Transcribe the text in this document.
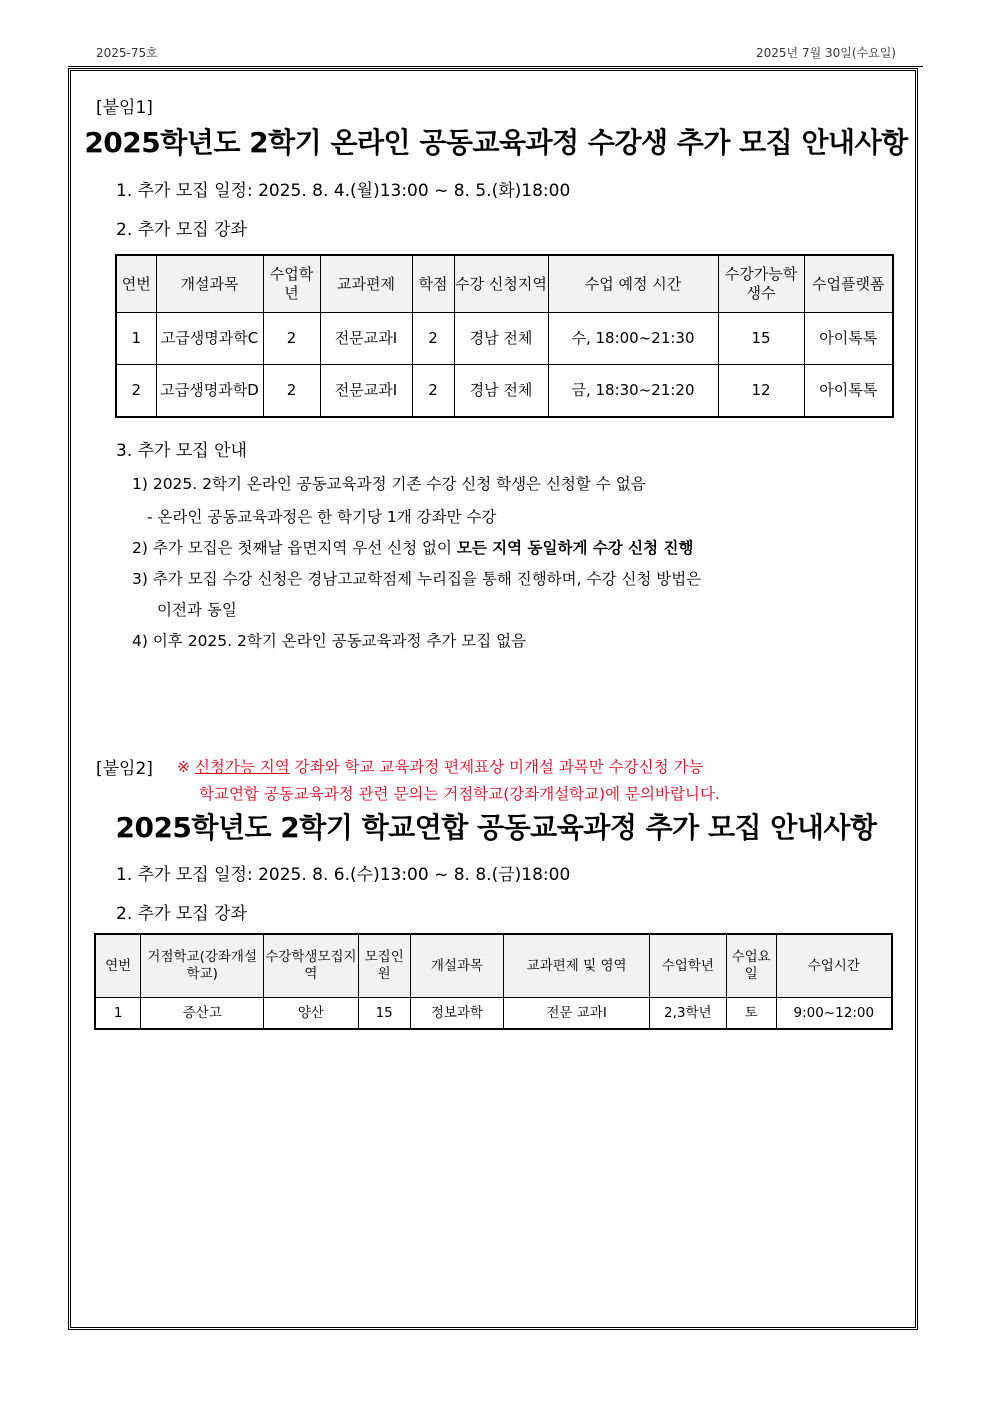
2025-75호	2025년 7월 30일(수요일)
[붙임1]
2025학년도 2학기 온라인 공동교육과정 수강생 추가 모집 안내사항
1. 추가 모집 일정: 2025. 8. 4.(월)13:00 ~ 8. 5.(화)18:00
2. 추가 모집 강좌
연번	개설과목	수업학년	교과편제	학점	수강 신청지역	수업 예정 시간	수강가능학생수	수업플랫폼
1	고급생명과학C	2	전문교과Ⅰ	2	경남 전체	수, 18:00~21:30	15	아이톡톡
2	고급생명과학D	2	전문교과Ⅰ	2	경남 전체	금, 18:30~21:20	12	아이톡톡
3. 추가 모집 안내
1) 2025. 2학기 온라인 공동교육과정 기존 수강 신청 학생은 신청할 수 없음
- 온라인 공동교육과정은 한 학기당 1개 강좌만 수강
2) 추가 모집은 첫째날 읍면지역 우선 신청 없이 모든 지역 동일하게 수강 신청 진행
3) 추가 모집 수강 신청은 경남고교학점제 누리집을 통해 진행하며, 수강 신청 방법은
이전과 동일
4) 이후 2025. 2학기 온라인 공동교육과정 추가 모집 없음
[붙임2] ※ 신청가능 지역 강좌와 학교 교육과정 편제표상 미개설 과목만 수강신청 가능
학교연합 공동교육과정 관련 문의는 거점학교(강좌개설학교)에 문의바랍니다.
2025학년도 2학기 학교연합 공동교육과정 추가 모집 안내사항
1. 추가 모집 일정: 2025. 8. 6.(수)13:00 ~ 8. 8.(금)18:00
2. 추가 모집 강좌
연번	거점학교(강좌개설학교)	수강학생모집지역	모집인원	개설과목	교과편제 및 영역	수업학년	수업요일	수업시간
1	증산고	양산	15	정보과학	전문 교과Ⅰ	2,3학년	토	9:00~12:00
